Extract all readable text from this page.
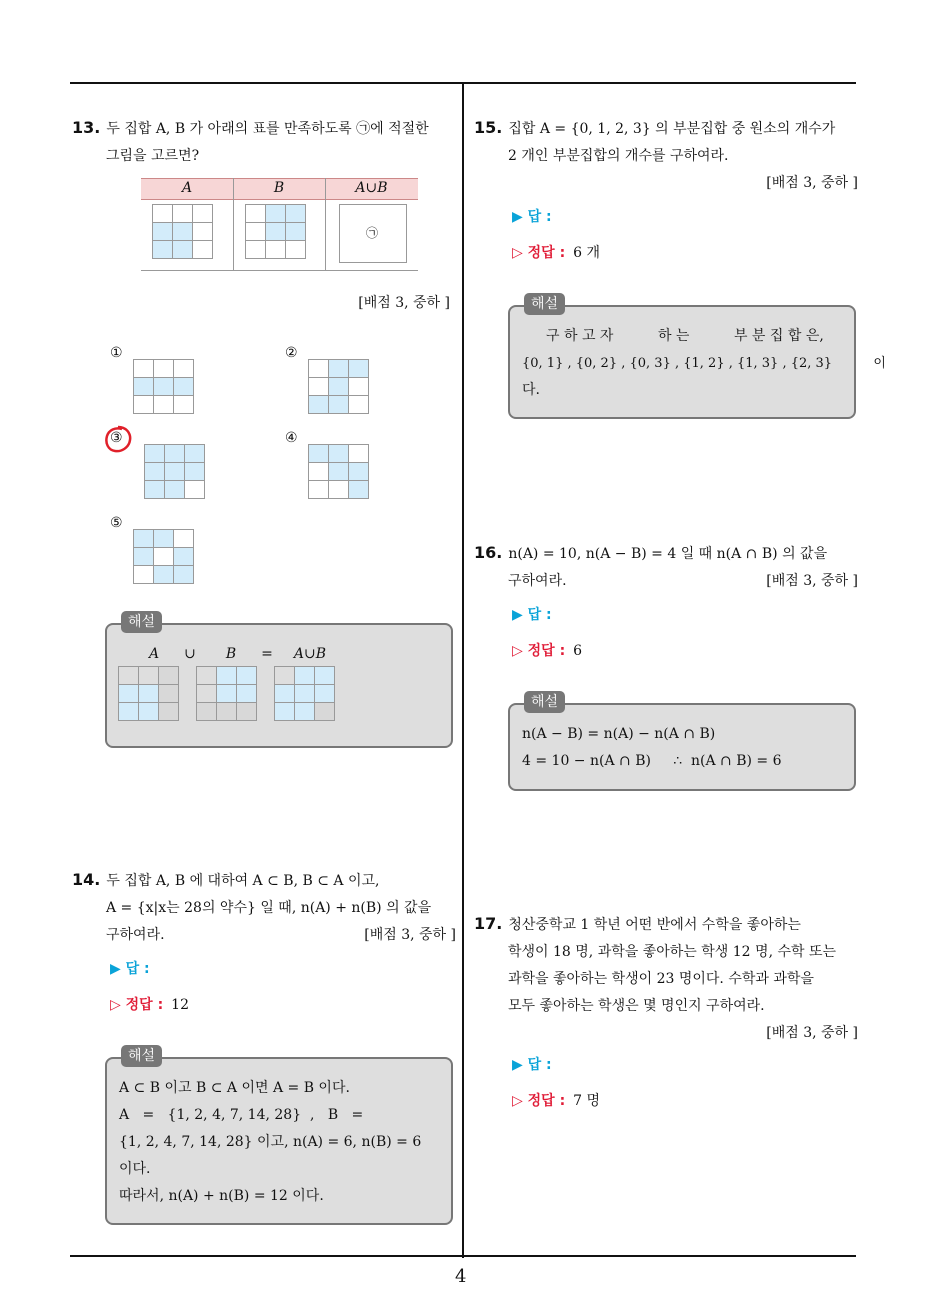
4
13. 두 집합 A, B 가 아래의 표를 만족하도록 ㉠에 적절한
그림을 고르면?
A	B	A∪B

㉠
[배점 3, 중하 ]
①

			②

③

			④

⑤

해설
A	∪	B	=	A∪B

14. 두 집합 A, B 에 대하여 A ⊂ B, B ⊂ A 이고,
A = {x|x는 28의 약수} 일 때, n(A) + n(B) 의 값을
구하여라.	[배점 3, 중하 ]
▶ 답 :
▷ 정답 : 12
해설
A ⊂ B 이고 B ⊂ A 이면 A = B 이다.
A   =   {1, 2, 4, 7, 14, 28}  ,   B   =
{1, 2, 4, 7, 14, 28} 이고, n(A) = 6, n(B) = 6
이다.
따라서, n(A) + n(B) = 12 이다.
15. 집합 A = {0, 1, 2, 3} 의 부분집합 중 원소의 개수가
2 개인 부분집합의 개수를 구하여라.
[배점 3, 중하 ]
▶ 답 :
▷ 정답 : 6 개
해설
구 하 고 자          하 는          부 분 집 합 은,
{0, 1} , {0, 2} , {0, 3} , {1, 2} , {1, 3} , {2, 3}          이
다.
16. n(A) = 10, n(A − B) = 4 일 때 n(A ∩ B) 의 값을
구하여라.	[배점 3, 중하 ]
▶ 답 :
▷ 정답 : 6
해설
n(A − B) = n(A) − n(A ∩ B)
4 = 10 − n(A ∩ B)     ∴  n(A ∩ B) = 6
17. 청산중학교 1 학년 어떤 반에서 수학을 좋아하는
학생이 18 명, 과학을 좋아하는 학생 12 명, 수학 또는
과학을 좋아하는 학생이 23 명이다. 수학과 과학을
모두 좋아하는 학생은 몇 명인지 구하여라.
[배점 3, 중하 ]
▶ 답 :
▷ 정답 : 7 명
